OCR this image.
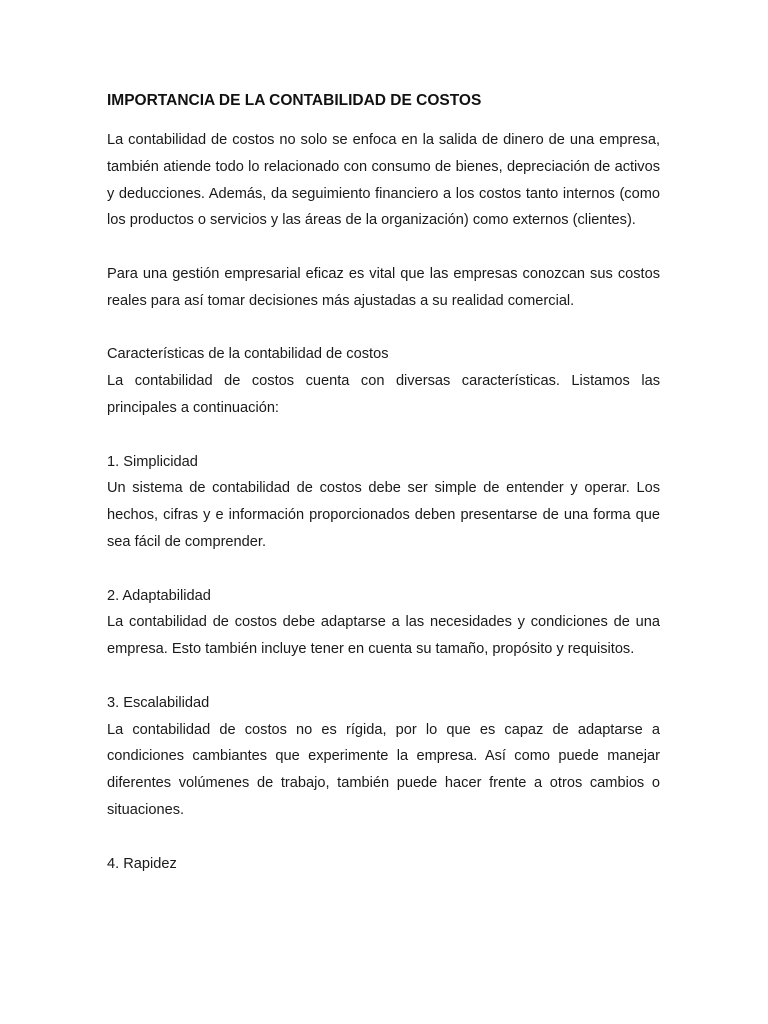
IMPORTANCIA DE LA CONTABILIDAD DE COSTOS

La contabilidad de costos no solo se enfoca en la salida de dinero de una empresa, también atiende todo lo relacionado con consumo de bienes, depreciación de activos y deducciones. Además, da seguimiento financiero a los costos tanto internos (como los productos o servicios y las áreas de la organización) como externos (clientes).

Para una gestión empresarial eficaz es vital que las empresas conozcan sus costos reales para así tomar decisiones más ajustadas a su realidad comercial.

Características de la contabilidad de costos

La contabilidad de costos cuenta con diversas características. Listamos las principales a continuación:

1. Simplicidad

Un sistema de contabilidad de costos debe ser simple de entender y operar. Los hechos, cifras y e información proporcionados deben presentarse de una forma que sea fácil de comprender.

2. Adaptabilidad

La contabilidad de costos debe adaptarse a las necesidades y condiciones de una empresa. Esto también incluye tener en cuenta su tamaño, propósito y requisitos.

3. Escalabilidad

La contabilidad de costos no es rígida, por lo que es capaz de adaptarse a condiciones cambiantes que experimente la empresa. Así como puede manejar diferentes volúmenes de trabajo, también puede hacer frente a otros cambios o situaciones.

4. Rapidez
